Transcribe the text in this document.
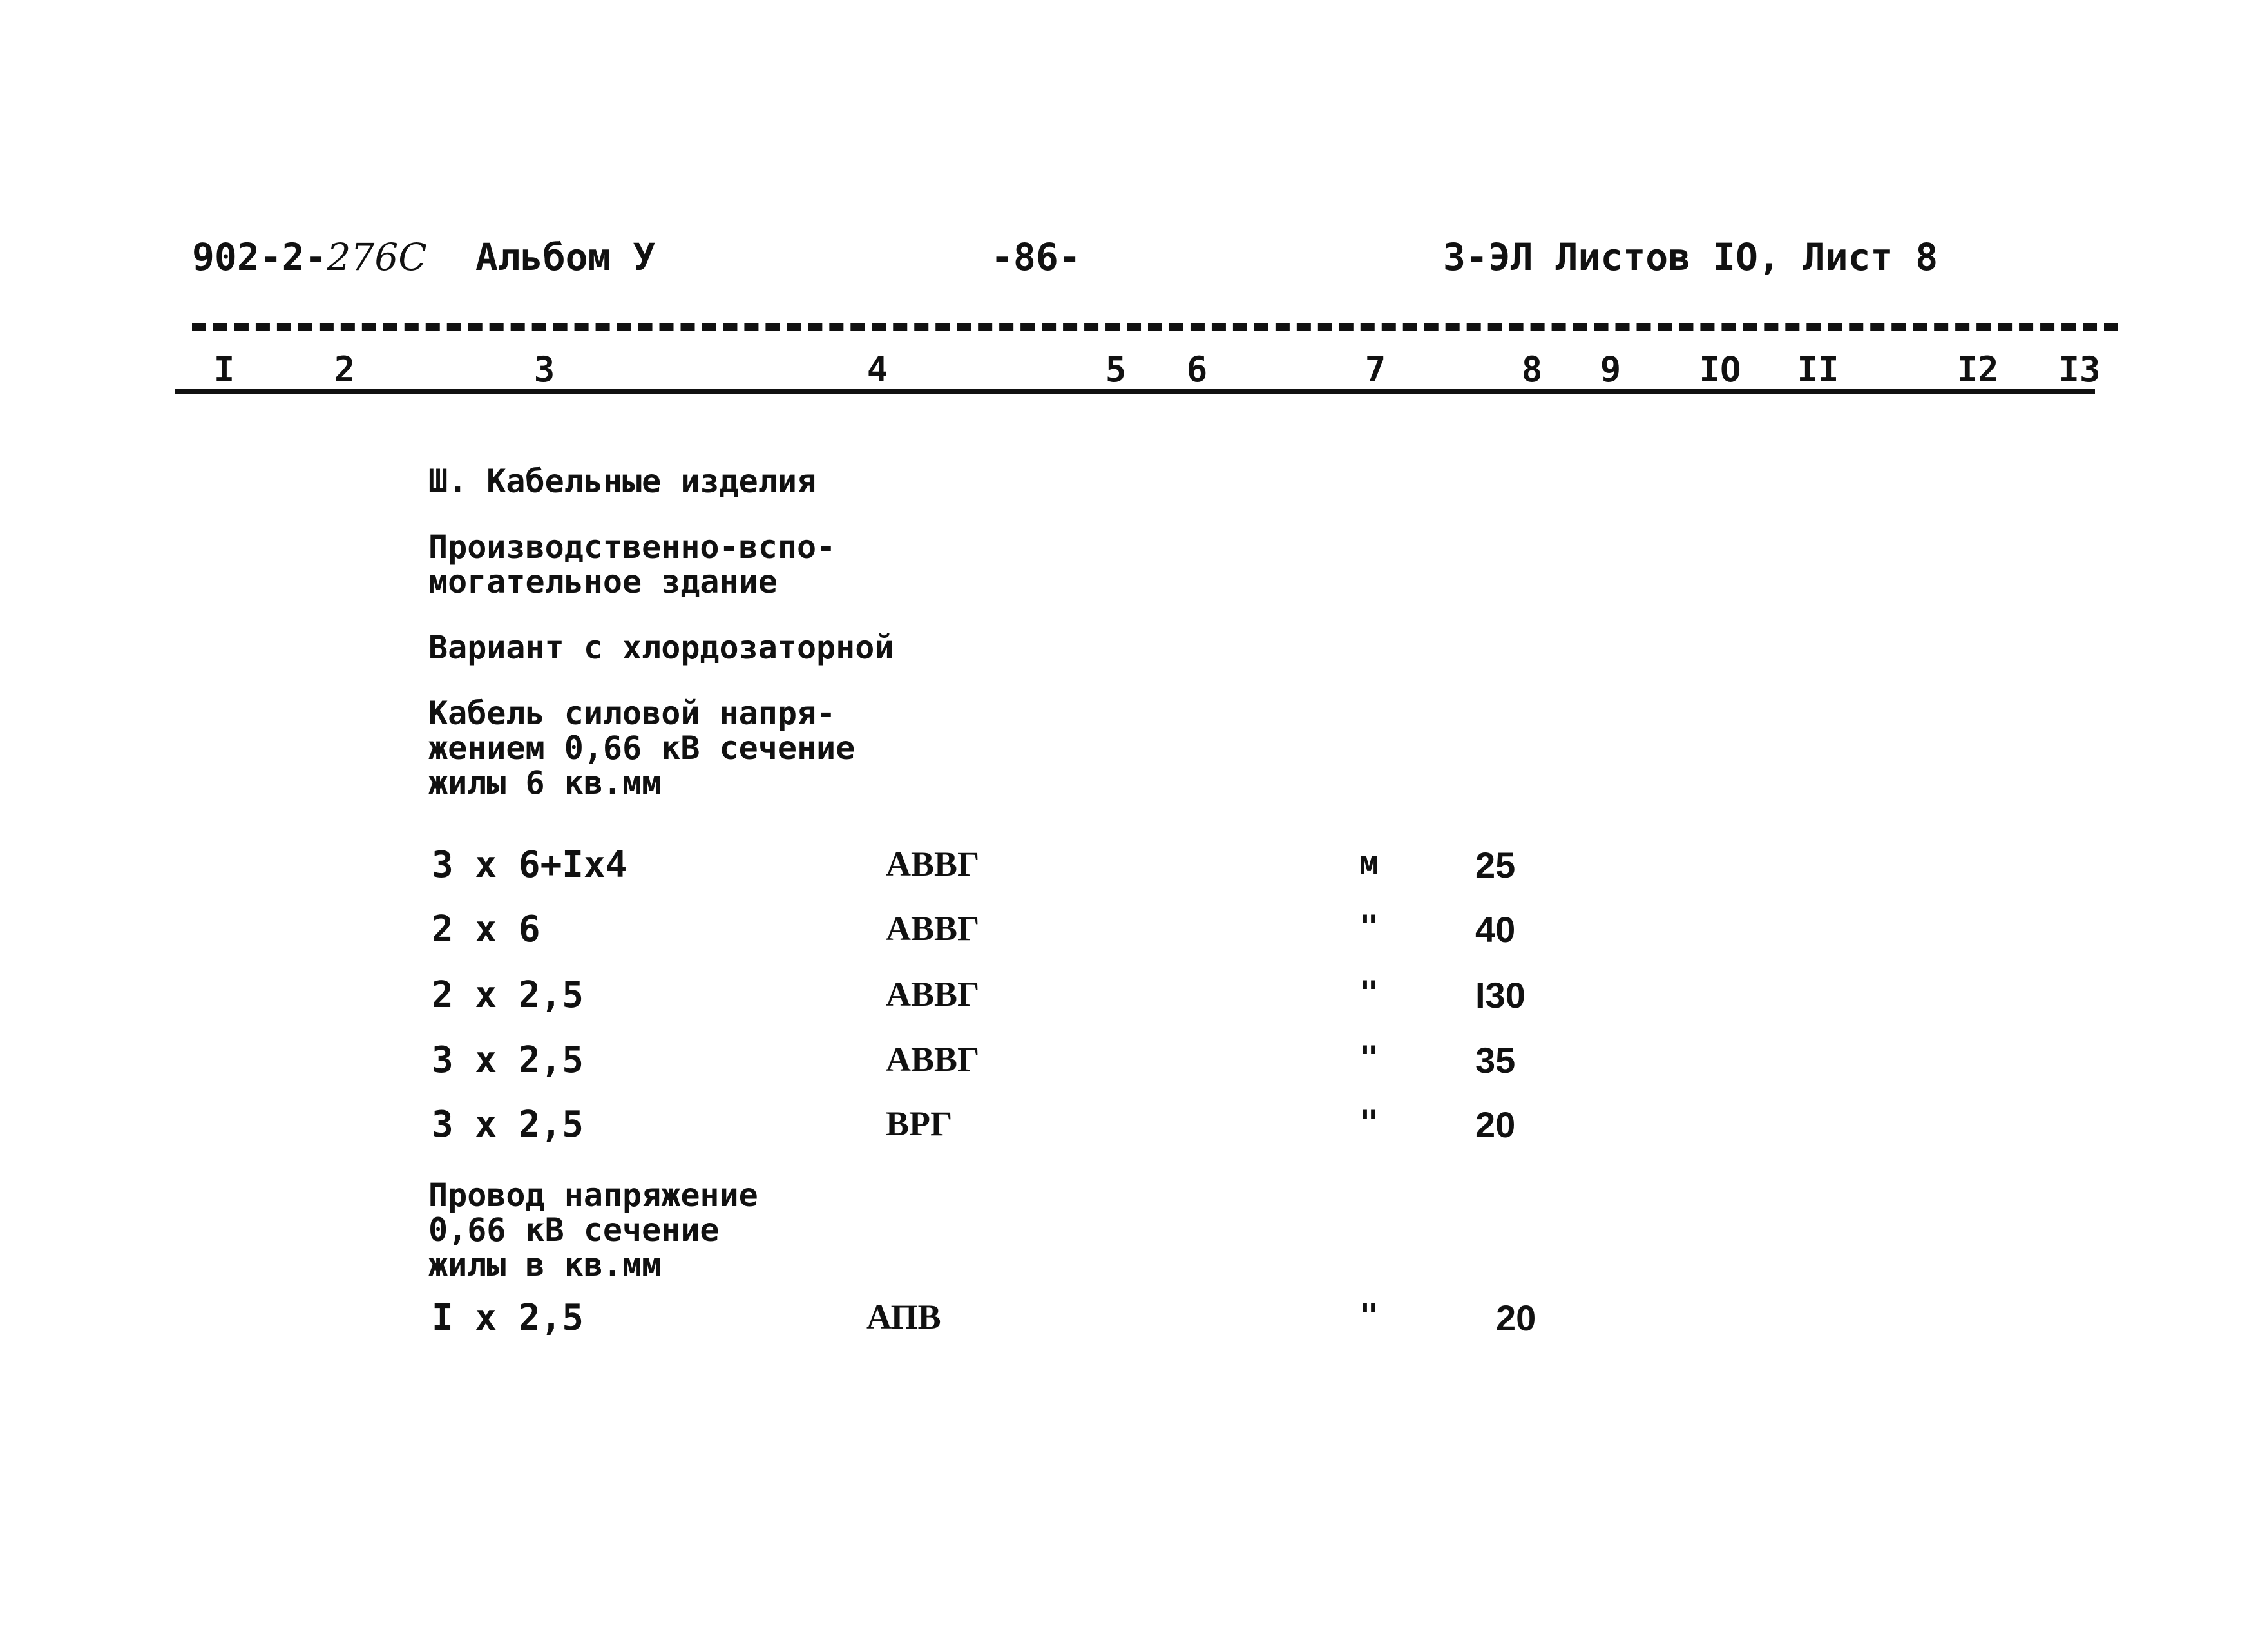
902-2-276С Альбом У	-86-	З-ЭЛ Листов IO, Лист 8
I	2	3	4	5 6	7	8 9 IO II	I2 I3
Ш. Кабельные изделия
Производственно-вспо-
могательное здание
Вариант с хлордозаторной
Кабель силовой напря-
жением 0,66 кВ сечение
жилы 6 кв.мм
3 х 6+Iх4	АВВГ	м	25
2 х 6	АВВГ	"	40
2 х 2,5	АВВГ	"	I30
3 х 2,5	АВВГ	"	35
3 х 2,5	ВРГ	"	20
Провод напряжение
0,66 кВ сечение
жилы в кв.мм
I х 2,5	АПВ	"	20
